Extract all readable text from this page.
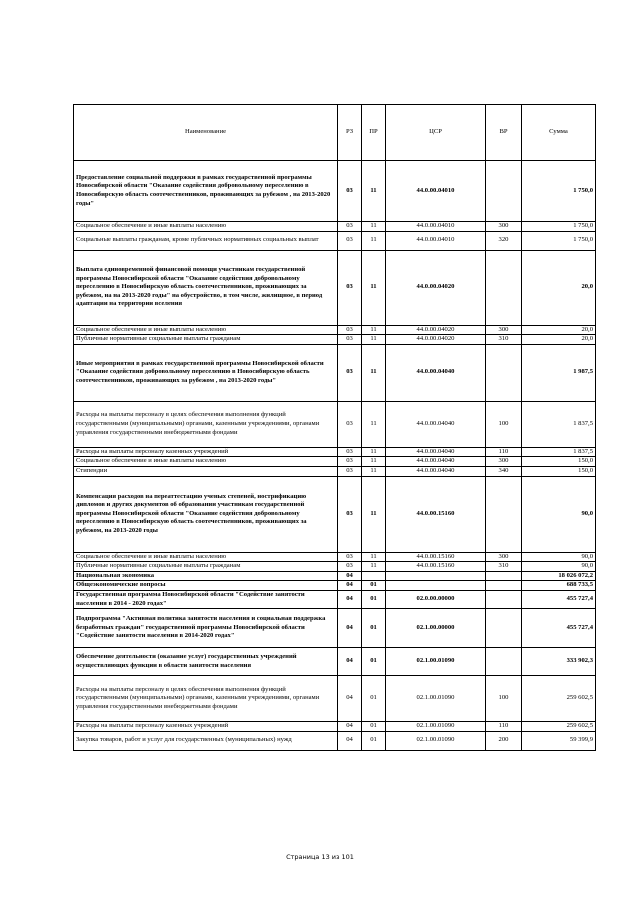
Наименование	РЗ	ПР	ЦСР	ВР	Сумма
Предоставление социальной поддержки в рамках государственной программы Новосибирской области "Оказание содействия добровольному переселению в Новосибирскую область соотечественников, проживающих за рубежом , на 2013-2020 годы"	03	11	44.0.00.04010		1 750,0
Социальное обеспечение и иные выплаты населению	03	11	44.0.00.04010	300	1 750,0
Социальные выплаты гражданам, кроме публичных нормативных социальных выплат	03	11	44.0.00.04010	320	1 750,0
Выплата единовременной финансовой помощи участникам государственной программы Новосибирской области "Оказание содействия добровольному переселению в Новосибирскую область соотечественников, проживающих за рубежом, на на 2013-2020 годы" на обустройство, в том числе, жилищное, в период адаптации на территории вселения	03	11	44.0.00.04020		20,0
Социальное обеспечение и иные выплаты населению	03	11	44.0.00.04020	300	20,0
Публичные нормативные социальные выплаты гражданам	03	11	44.0.00.04020	310	20,0
Иные мероприятия в рамках государственной программы Новосибирской области "Оказание содействия добровольному переселению в Новосибирскую область соотечественников, проживающих за рубежом , на 2013-2020 годы"	03	11	44.0.00.04040		1 987,5
Расходы на выплаты персоналу в целях обеспечения выполнения функций государственными (муниципальными) органами, казенными учреждениями, органами управления государственными внебюджетными фондами	03	11	44.0.00.04040	100	1 837,5
Расходы на выплаты персоналу казенных учреждений	03	11	44.0.00.04040	110	1 837,5
Социальное обеспечение и иные выплаты населению	03	11	44.0.00.04040	300	150,0
Стипендии	03	11	44.0.00.04040	340	150,0
Компенсация расходов на переаттестацию ученых степеней, нострификацию дипломов и других документов об образовании участникам государственной программы Новосибирской области "Оказание содействия добровольному переселению в Новосибирскую область соотечественников, проживающих за рубежом, на 2013-2020 годы	03	11	44.0.00.15160		90,0
Социальное обеспечение и иные выплаты населению	03	11	44.0.00.15160	300	90,0
Публичные нормативные социальные выплаты гражданам	03	11	44.0.00.15160	310	90,0
Национальная экономика	04				18 026 072,2
Общеэкономические вопросы	04	01			688 733,5
Государственная программа Новосибирской области "Содействие занятости населения в 2014 - 2020 годах"	04	01	02.0.00.00000		455 727,4
Подпрограмма "Активная политика занятости населения и социальная поддержка безработных граждан" государственной программы Новосибирской области "Содействие занятости населения в 2014-2020 годах"	04	01	02.1.00.00000		455 727,4
Обеспечение деятельности (оказание услуг) государственных учреждений осуществляющих функции в области занятости населения	04	01	02.1.00.01090		333 902,3
Расходы на выплаты персоналу в целях обеспечения выполнения функций государственными (муниципальными) органами, казенными учреждениями, органами управления государственными внебюджетными фондами	04	01	02.1.00.01090	100	259 602,5
Расходы на выплаты персоналу казенных учреждений	04	01	02.1.00.01090	110	259 602,5
Закупка товаров, работ и услуг для государственных (муниципальных) нужд	04	01	02.1.00.01090	200	59 399,9
Страница 13 из 101
